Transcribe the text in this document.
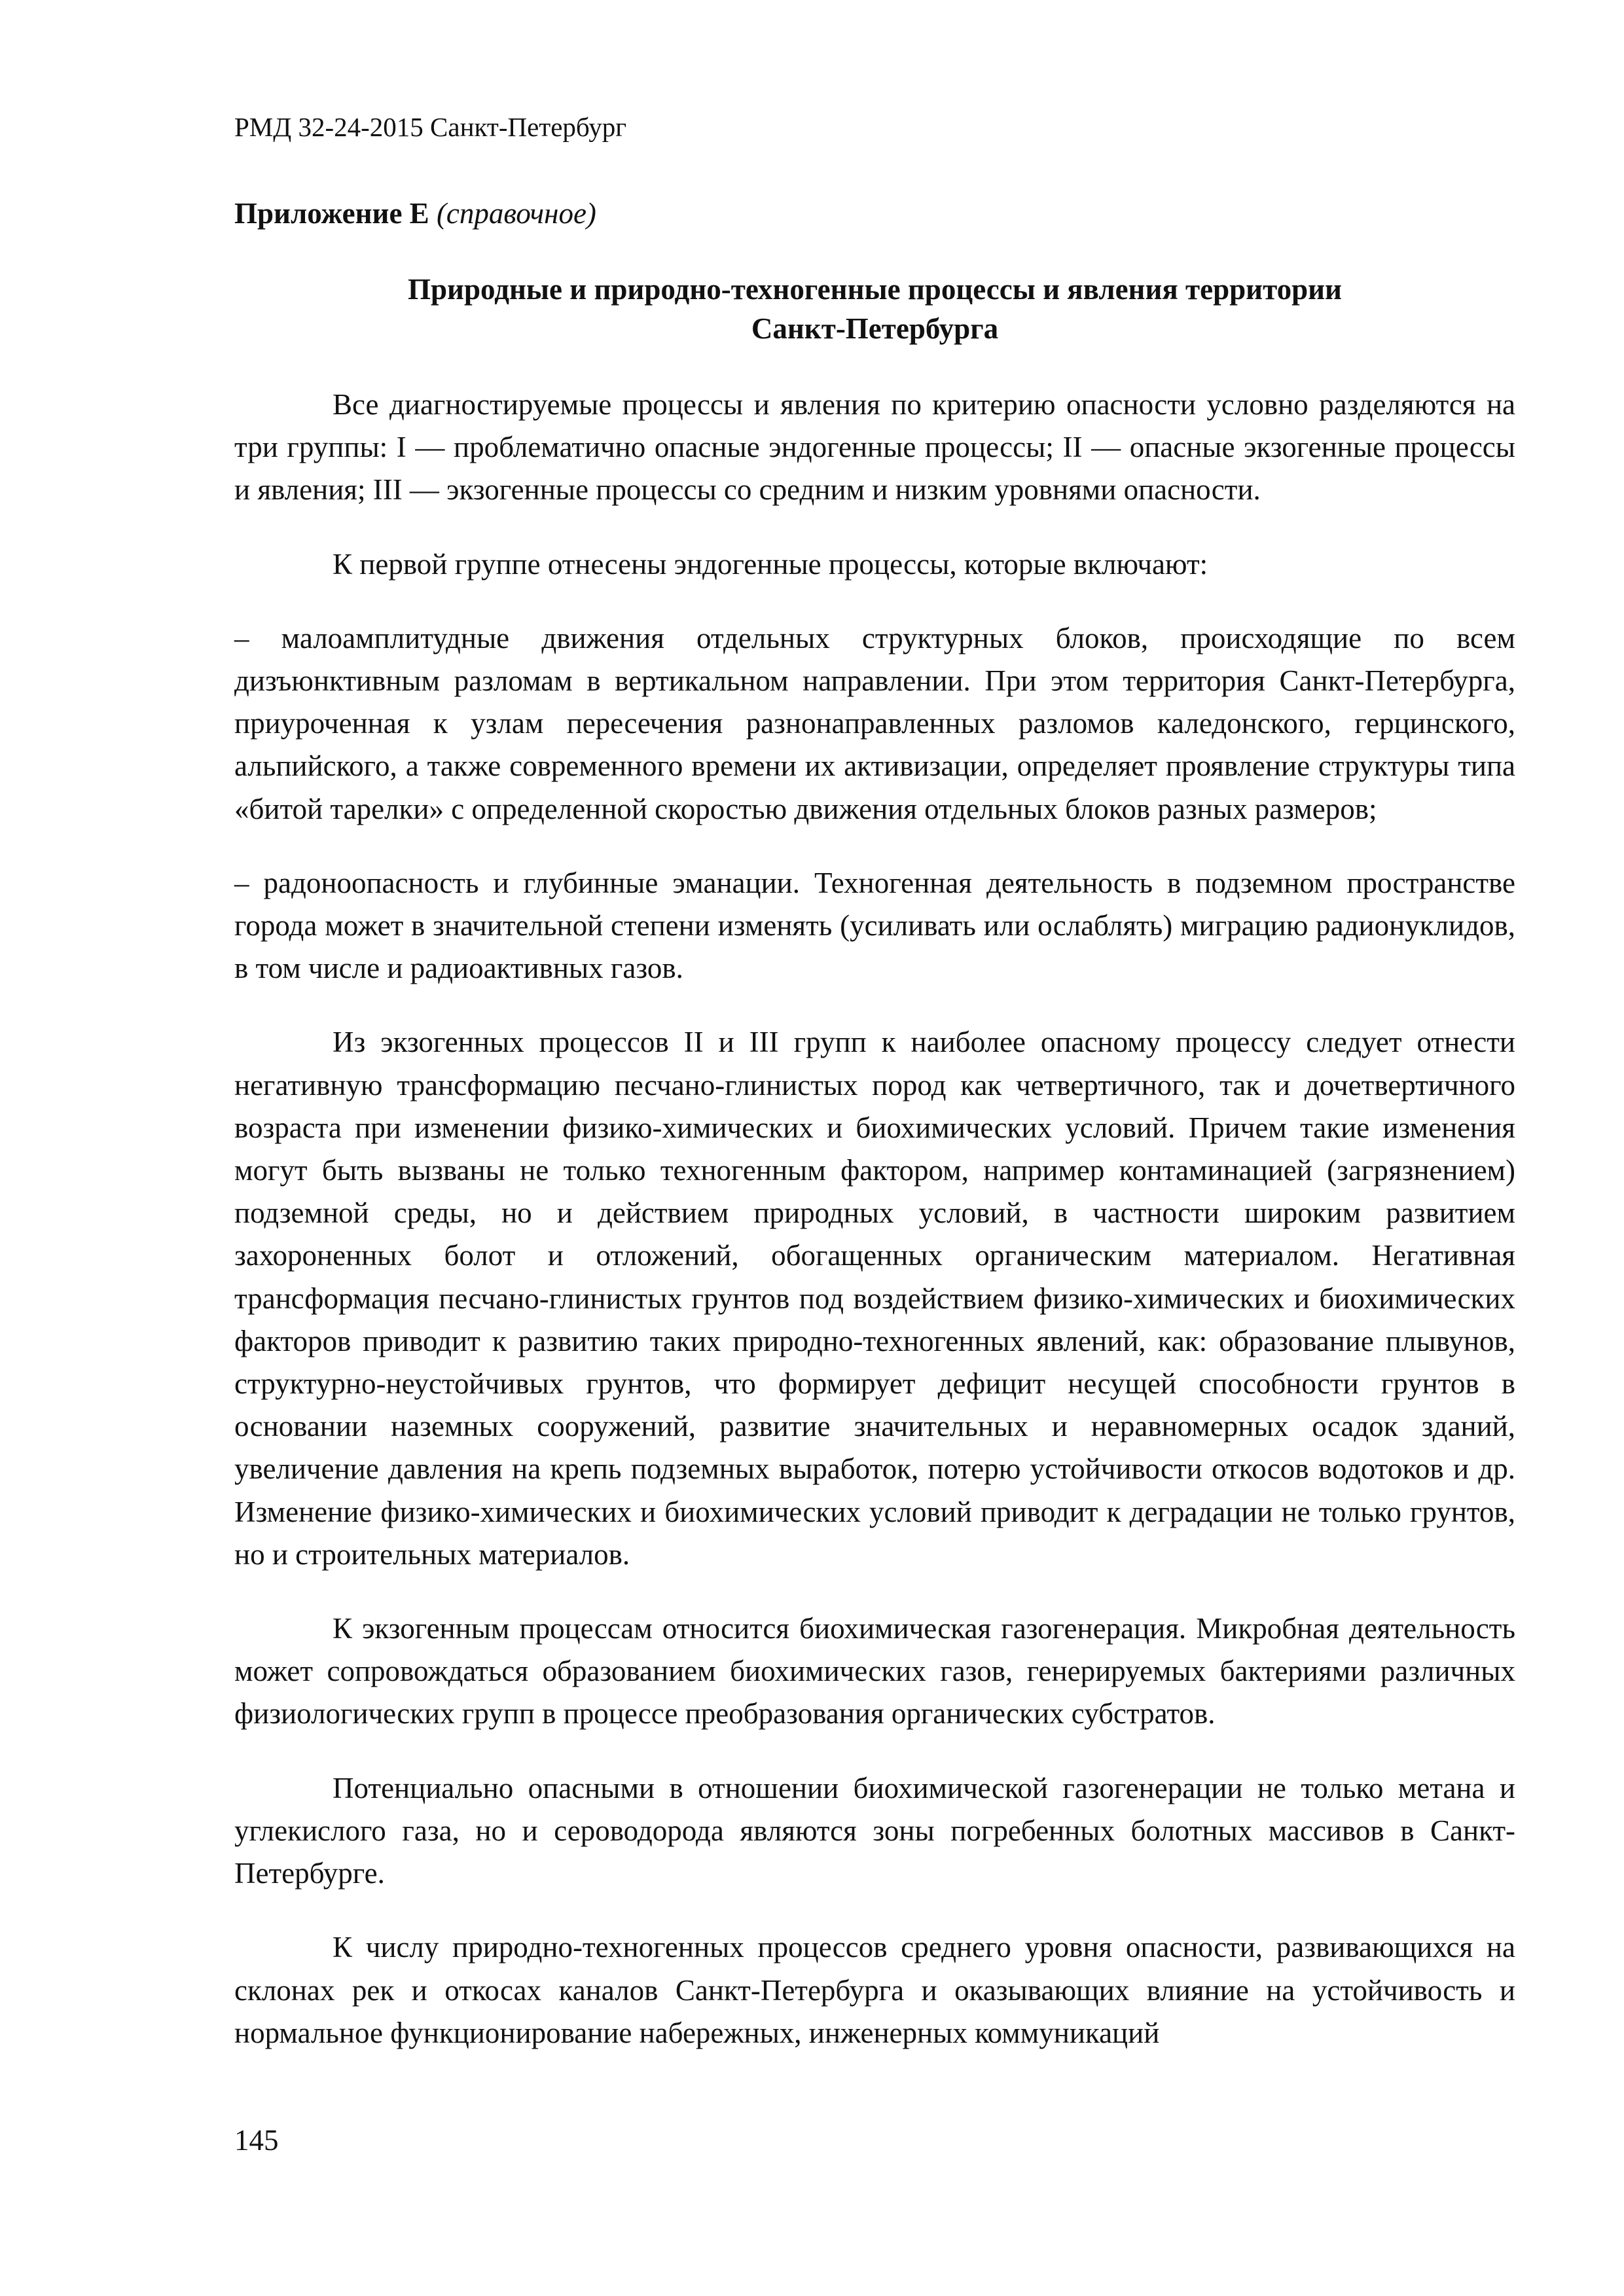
РМД 32-24-2015 Санкт-Петербург
Приложение Е (справочное)
Природные и природно-техногенные процессы и явления территории
Санкт-Петербурга

Все диагностируемые процессы и явления по критерию опасности условно разделяются на три группы: I — проблематично опасные эндогенные процессы; II — опасные экзогенные процессы и явления; III — экзогенные процессы со средним и низким уровнями опасности.

К первой группе отнесены эндогенные процессы, которые включают:

– малоамплитудные движения отдельных структурных блоков, происходящие по всем дизъюнктивным разломам в вертикальном направлении. При этом территория Санкт-Петербурга, приуроченная к узлам пересечения разнонаправленных разломов каледонского, герцинского, альпийского, а также современного времени их активизации, определяет проявление структуры типа «битой тарелки» с определенной скоростью движения отдельных блоков разных размеров;

– радоноопасность и глубинные эманации. Техногенная деятельность в подземном пространстве города может в значительной степени изменять (усиливать или ослаблять) миграцию радионуклидов, в том числе и радиоактивных газов.

Из экзогенных процессов II и III групп к наиболее опасному процессу следует отнести негативную трансформацию песчано-глинистых пород как четвертичного, так и дочетвертичного возраста при изменении физико-химических и биохимических условий. Причем такие изменения могут быть вызваны не только техногенным фактором, например контаминацией (загрязнением) подземной среды, но и действием природных условий, в частности широким развитием захороненных болот и отложений, обогащенных органическим материалом. Негативная трансформация песчано-глинистых грунтов под воздействием физико-химических и биохимических факторов приводит к развитию таких природно-техногенных явлений, как: образование плывунов, структурно-неустойчивых грунтов, что формирует дефицит несущей способности грунтов в основании наземных сооружений, развитие значительных и неравномерных осадок зданий, увеличение давления на крепь подземных выработок, потерю устойчивости откосов водотоков и др. Изменение физико-химических и биохимических условий приводит к деградации не только грунтов, но и строительных материалов.

К экзогенным процессам относится биохимическая газогенерация. Микробная деятельность может сопровождаться образованием биохимических газов, генерируемых бактериями различных физиологических групп в процессе преобразования органических субстратов.

Потенциально опасными в отношении биохимической газогенерации не только метана и углекислого газа, но и сероводорода являются зоны погребенных болотных массивов в Санкт-Петербурге.

К числу природно-техногенных процессов среднего уровня опасности, развивающихся на склонах рек и откосах каналов Санкт-Петербурга и оказывающих влияние на устойчивость и нормальное функционирование набережных, инженерных коммуникаций

145
